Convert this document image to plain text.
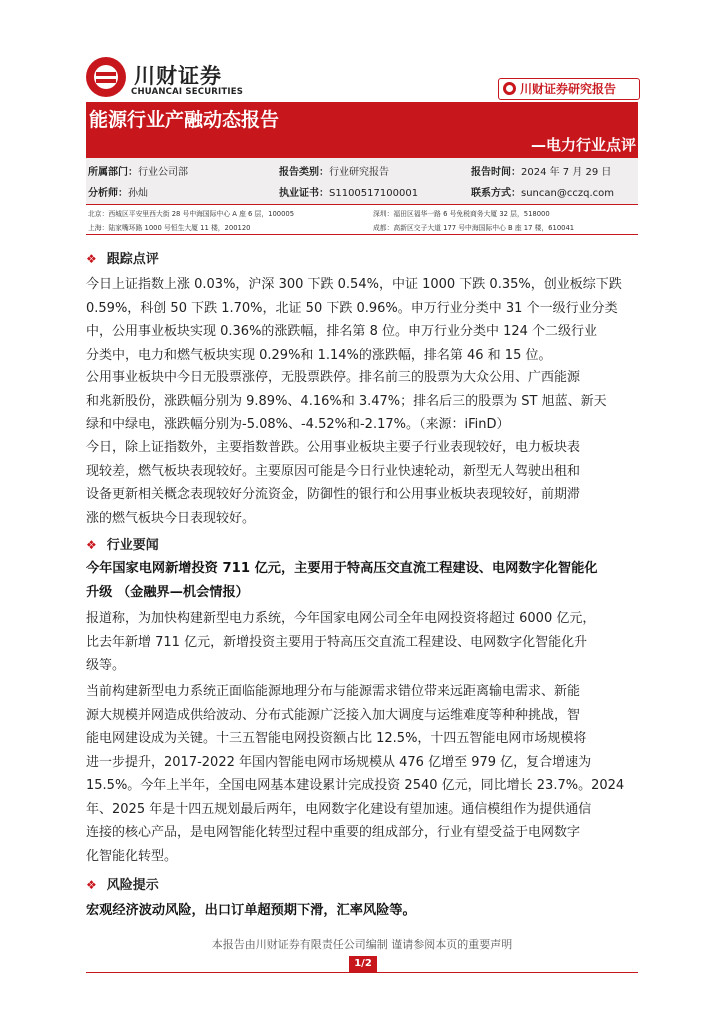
川财证券
CHUANCAI SECURITIES	川财证券研究报告
能源行业产融动态报告
—电力行业点评
所属部门：行业公司部	报告类别：行业研究报告	报告时间：2024 年 7 月 29 日
分析师：孙灿	执业证书：S1100517100001	联系方式：suncan@cczq.com
北京：西城区平安里西大街 28 号中海国际中心 A 座 6 层，100005	深圳：福田区福华一路 6 号免税商务大厦 32 层，518000
上海：陆家嘴环路 1000 号恒生大厦 11 楼，200120	成都：高新区交子大道 177 号中海国际中心 B 座 17 楼，610041
❖ 跟踪点评
今日上证指数上涨 0.03%，沪深 300 下跌 0.54%，中证 1000 下跌 0.35%，创业板综下跌
0.59%，科创 50 下跌 1.70%，北证 50 下跌 0.96%。申万行业分类中 31 个一级行业分类
中，公用事业板块实现 0.36%的涨跌幅，排名第 8 位。申万行业分类中 124 个二级行业
分类中，电力和燃气板块实现 0.29%和 1.14%的涨跌幅，排名第 46 和 15 位。
公用事业板块中今日无股票涨停，无股票跌停。排名前三的股票为大众公用、广西能源
和兆新股份，涨跌幅分别为 9.89%、4.16%和 3.47%；排名后三的股票为 ST 旭蓝、新天
绿和中绿电，涨跌幅分别为-5.08%、-4.52%和-2.17%。（来源：iFinD）
今日，除上证指数外，主要指数普跌。公用事业板块主要子行业表现较好，电力板块表
现较差，燃气板块表现较好。主要原因可能是今日行业快速轮动，新型无人驾驶出租和
设备更新相关概念表现较好分流资金，防御性的银行和公用事业板块表现较好，前期滞
涨的燃气板块今日表现较好。
❖ 行业要闻
今年国家电网新增投资 711 亿元，主要用于特高压交直流工程建设、电网数字化智能化
升级 （金融界—机会情报）
报道称，为加快构建新型电力系统，今年国家电网公司全年电网投资将超过 6000 亿元，
比去年新增 711 亿元，新增投资主要用于特高压交直流工程建设、电网数字化智能化升
级等。
当前构建新型电力系统正面临能源地理分布与能源需求错位带来远距离输电需求、新能
源大规模并网造成供给波动、分布式能源广泛接入加大调度与运维难度等种种挑战，智
能电网建设成为关键。十三五智能电网投资额占比 12.5%，十四五智能电网市场规模将
进一步提升，2017-2022 年国内智能电网市场规模从 476 亿增至 979 亿，复合增速为
15.5%。今年上半年，全国电网基本建设累计完成投资 2540 亿元，同比增长 23.7%。2024
年、2025 年是十四五规划最后两年，电网数字化建设有望加速。通信模组作为提供通信
连接的核心产品，是电网智能化转型过程中重要的组成部分，行业有望受益于电网数字
化智能化转型。
❖ 风险提示
宏观经济波动风险，出口订单超预期下滑，汇率风险等。
本报告由川财证券有限责任公司编制 谨请参阅本页的重要声明
1/2
